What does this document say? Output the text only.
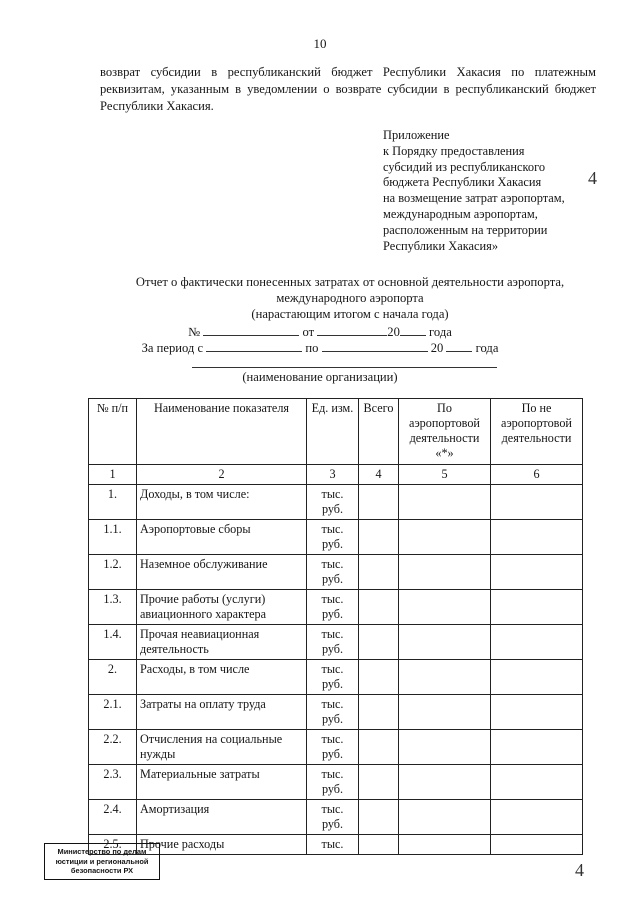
10
возврат субсидии в республиканский бюджет Республики Хакасия по платежным реквизитам, указанным в уведомлении о возврате субсидии в республиканский бюджет Республики Хакасия.
Приложение
к Порядку предоставления
субсидий из республиканского
бюджета Республики Хакасия
на возмещение затрат аэропортам,
международным аэропортам,
расположенным на территории
Республики Хакасия»
4
Отчет о фактически понесенных затратах от основной деятельности аэропорта,
международного аэропорта
(нарастающим итогом с начала года)
№	от	20 года
За период с	по	20	года
(наименование организации)
№ п/п	Наименование показателя	Ед. изм.	Всего	По аэропортовой деятельности «*»	По не аэропортовой деятельности
1	2	3	4	5	6
1.	Доходы, в том числе:	тыс. руб.			
1.1.	Аэропортовые сборы	тыс. руб.			
1.2.	Наземное обслуживание	тыс. руб.			
1.3.	Прочие работы (услуги) авиационного характера	тыс. руб.			
1.4.	Прочая неавиационная деятельность	тыс. руб.			
2.	Расходы, в том числе	тыс. руб.			
2.1.	Затраты на оплату труда	тыс. руб.			
2.2.	Отчисления на социальные нужды	тыс. руб.			
2.3.	Материальные затраты	тыс. руб.			
2.4.	Амортизация	тыс. руб.			
2.5.	Прочие расходы	тыс.			
Министерство по делам
юстиции и региональной
безопасности РХ	4
